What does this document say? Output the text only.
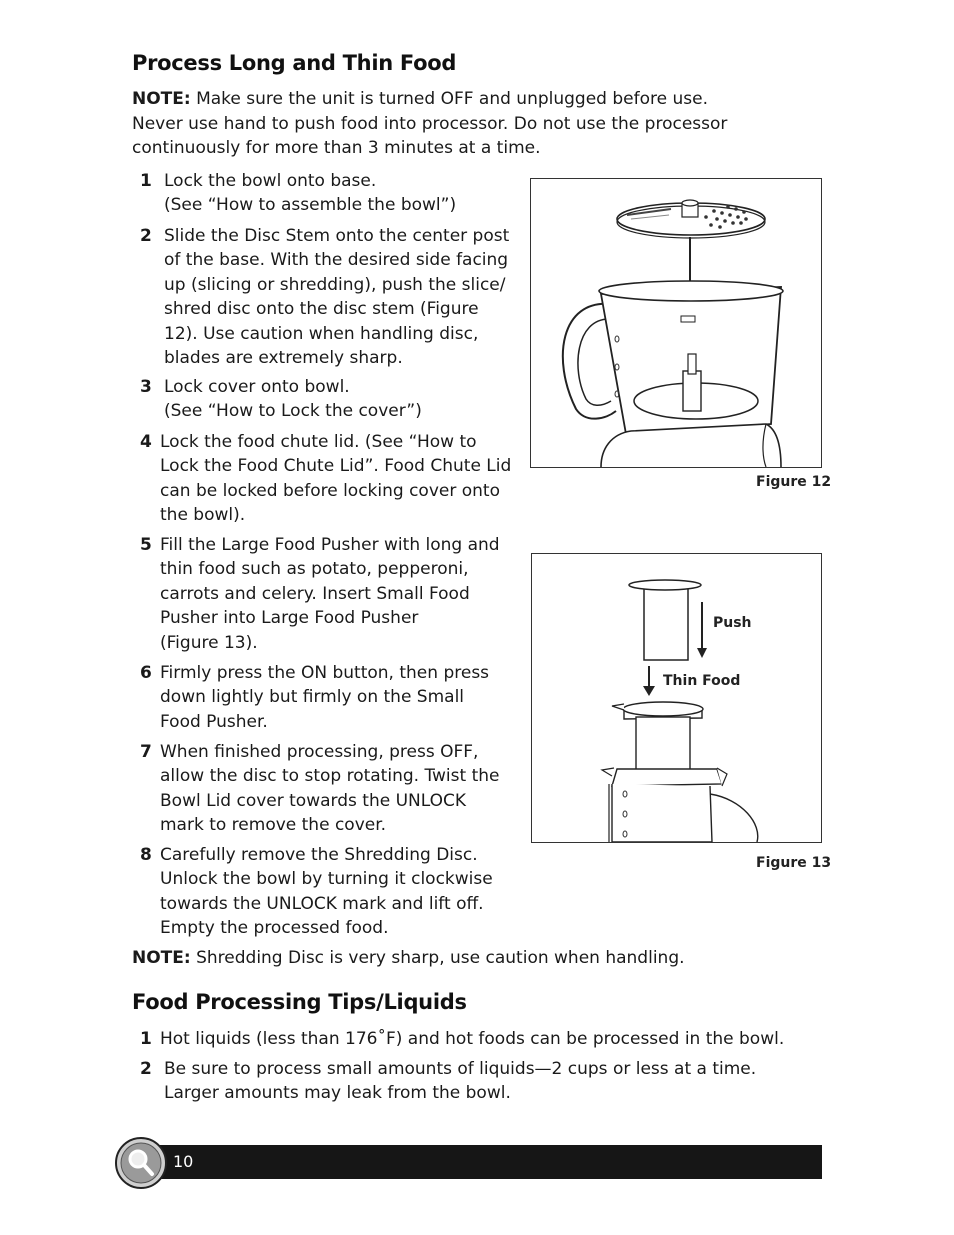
Process Long and Thin Food
NOTE: Make sure the unit is turned OFF and unplugged before use.
Never use hand to push food into processor. Do not use the processor
continuously for more than 3 minutes at a time.
1 Lock the bowl onto base.
(See “How to assemble the bowl”)
2 Slide the Disc Stem onto the center post
of the base. With the desired side facing
up (slicing or shredding), push the slice/
shred disc onto the disc stem (Figure
12). Use caution when handling disc,
blades are extremely sharp.
3 Lock cover onto bowl.
(See “How to Lock the cover”)
4 Lock the food chute lid. (See “How to
Lock the Food Chute Lid”. Food Chute Lid
can be locked before locking cover onto
the bowl).
5 Fill the Large Food Pusher with long and
thin food such as potato, pepperoni,
carrots and celery. Insert Small Food
Pusher into Large Food Pusher
(Figure 13).
6 Firmly press the ON button, then press
down lightly but firmly on the Small
Food Pusher.
7 When finished processing, press OFF,
allow the disc to stop rotating. Twist the
Bowl Lid cover towards the UNLOCK
mark to remove the cover.
8 Carefully remove the Shredding Disc.
Unlock the bowl by turning it clockwise
towards the UNLOCK mark and lift off.
Empty the processed food.
NOTE: Shredding Disc is very sharp, use caution when handling.
Food Processing Tips/Liquids
1 Hot liquids (less than 176˚F) and hot foods can be processed in the bowl.
2 Be sure to process small amounts of liquids—2 cups or less at a time.
Larger amounts may leak from the bowl.
Figure 12
Push
Thin Food
Figure 13
10
